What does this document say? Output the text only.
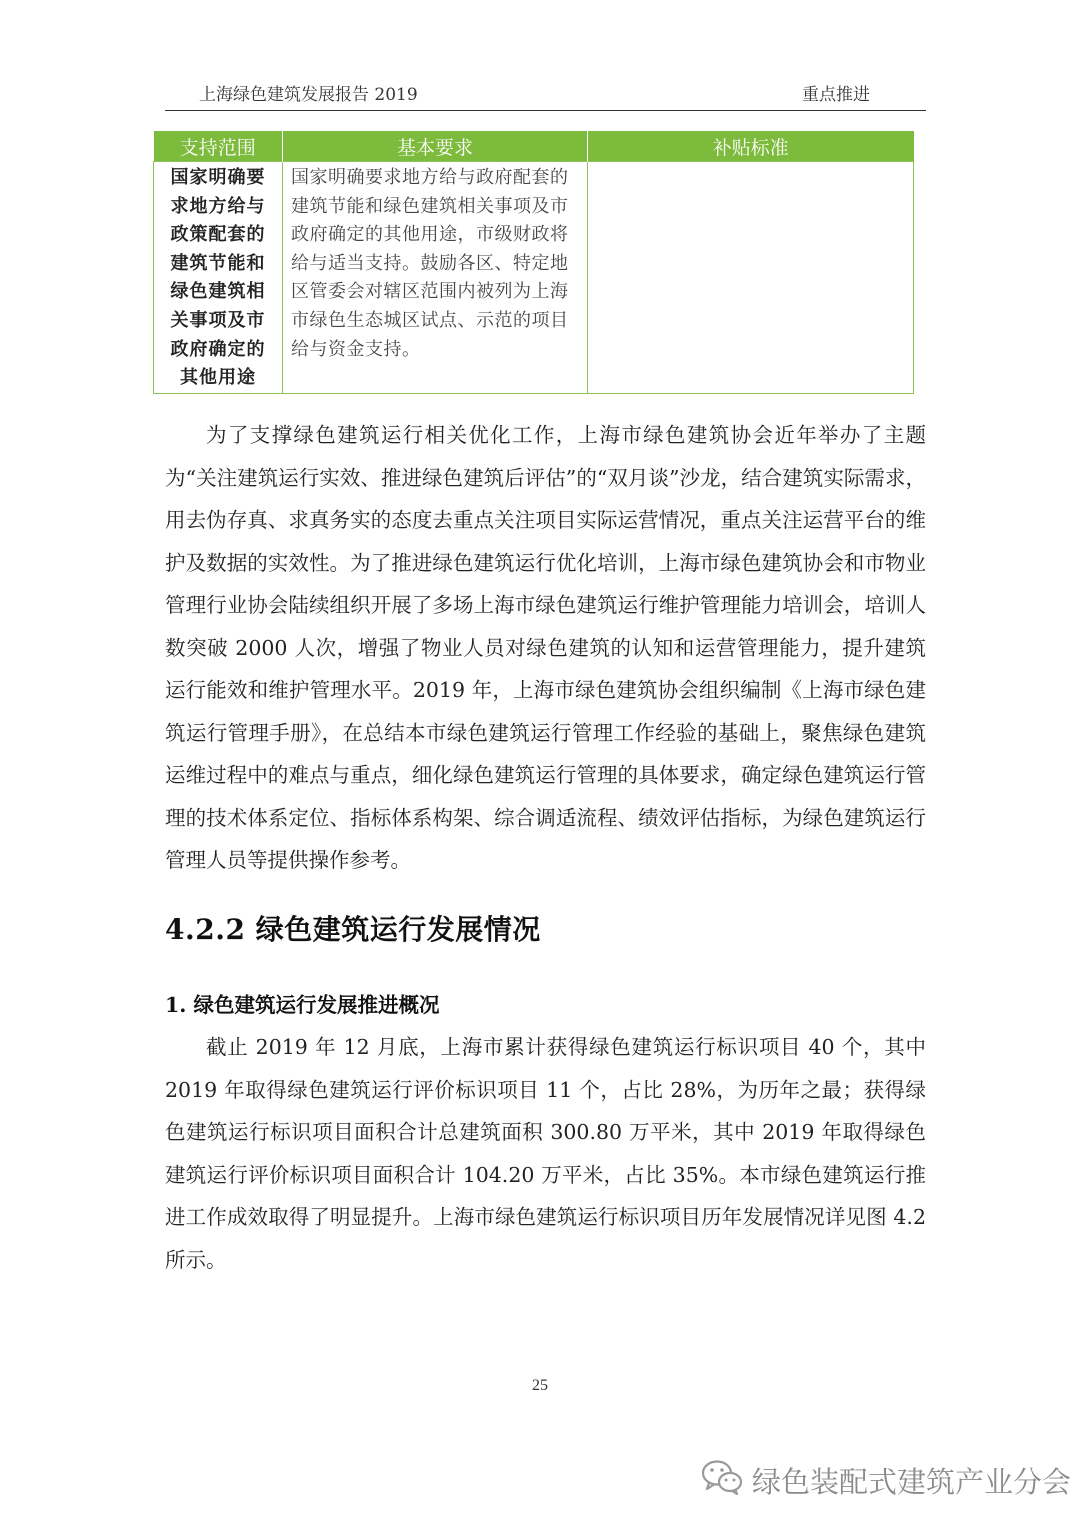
上海绿色建筑发展报告 2019	重点推进
支持范围	基本要求	补贴标准
国家明确要求地方给与政策配套的建筑节能和绿色建筑相关事项及市政府确定的其他用途	国家明确要求地方给与政府配套的建筑节能和绿色建筑相关事项及市政府确定的其他用途，市级财政将给与适当支持。鼓励各区、特定地区管委会对辖区范围内被列为上海市绿色生态城区试点、示范的项目给与资金支持。	

为了支撑绿色建筑运行相关优化工作，上海市绿色建筑协会近年举办了主题为“关注建筑运行实效、推进绿色建筑后评估”的“双月谈”沙龙，结合建筑实际需求，用去伪存真、求真务实的态度去重点关注项目实际运营情况，重点关注运营平台的维护及数据的实效性。为了推进绿色建筑运行优化培训，上海市绿色建筑协会和市物业管理行业协会陆续组织开展了多场上海市绿色建筑运行维护管理能力培训会，培训人数突破 2000 人次，增强了物业人员对绿色建筑的认知和运营管理能力，提升建筑运行能效和维护管理水平。2019 年，上海市绿色建筑协会组织编制《上海市绿色建筑运行管理手册》，在总结本市绿色建筑运行管理工作经验的基础上，聚焦绿色建筑运维过程中的难点与重点，细化绿色建筑运行管理的具体要求，确定绿色建筑运行管理的技术体系定位、指标体系构架、综合调适流程、绩效评估指标，为绿色建筑运行管理人员等提供操作参考。

4.2.2 绿色建筑运行发展情况
1. 绿色建筑运行发展推进概况

截止 2019 年 12 月底，上海市累计获得绿色建筑运行标识项目 40 个，其中 2019 年取得绿色建筑运行评价标识项目 11 个，占比 28%，为历年之最；获得绿色建筑运行标识项目面积合计总建筑面积 300.80 万平米，其中 2019 年取得绿色建筑运行评价标识项目面积合计 104.20 万平米，占比 35%。本市绿色建筑运行推进工作成效取得了明显提升。上海市绿色建筑运行标识项目历年发展情况详见图 4.2 所示。

25
绿色装配式建筑产业分会
